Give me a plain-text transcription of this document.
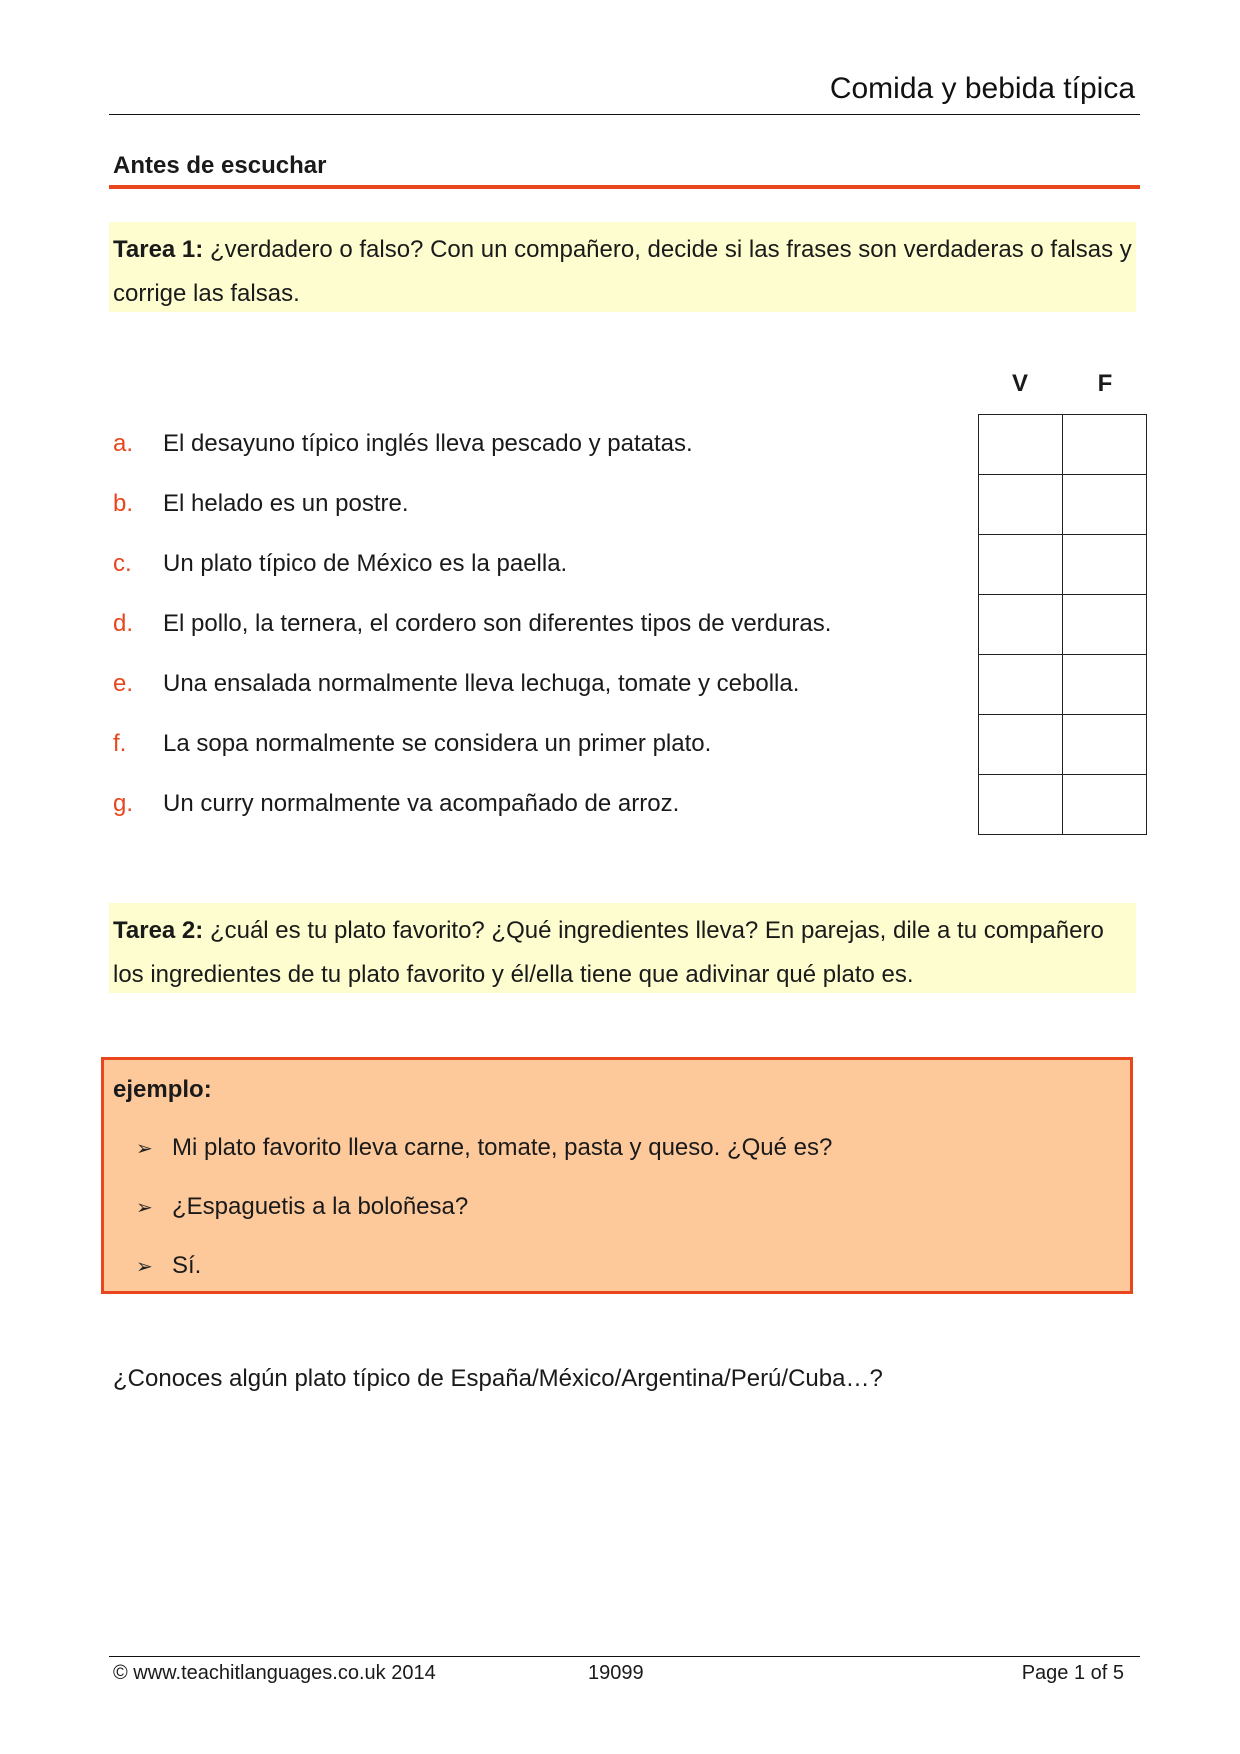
Comida y bebida típica
Antes de escuchar
Tarea 1: ¿verdadero o falso? Con un compañero, decide si las frases son verdaderas o falsas y corrige las falsas.
V	F

a. El desayuno típico inglés lleva pescado y patatas.
b. El helado es un postre.
c. Un plato típico de México es la paella.
d. El pollo, la ternera, el cordero son diferentes tipos de verduras.
e. Una ensalada normalmente lleva lechuga, tomate y cebolla.
f. La sopa normalmente se considera un primer plato.
g. Un curry normalmente va acompañado de arroz.
Tarea 2: ¿cuál es tu plato favorito? ¿Qué ingredientes lleva? En parejas, dile a tu compañero los ingredientes de tu plato favorito y él/ella tiene que adivinar qué plato es.
ejemplo:
➢ Mi plato favorito lleva carne, tomate, pasta y queso. ¿Qué es?
➢ ¿Espaguetis a la boloñesa?
➢ Sí.
¿Conoces algún plato típico de España/México/Argentina/Perú/Cuba…?
© www.teachitlanguages.co.uk 2014	19099	Page 1 of 5
